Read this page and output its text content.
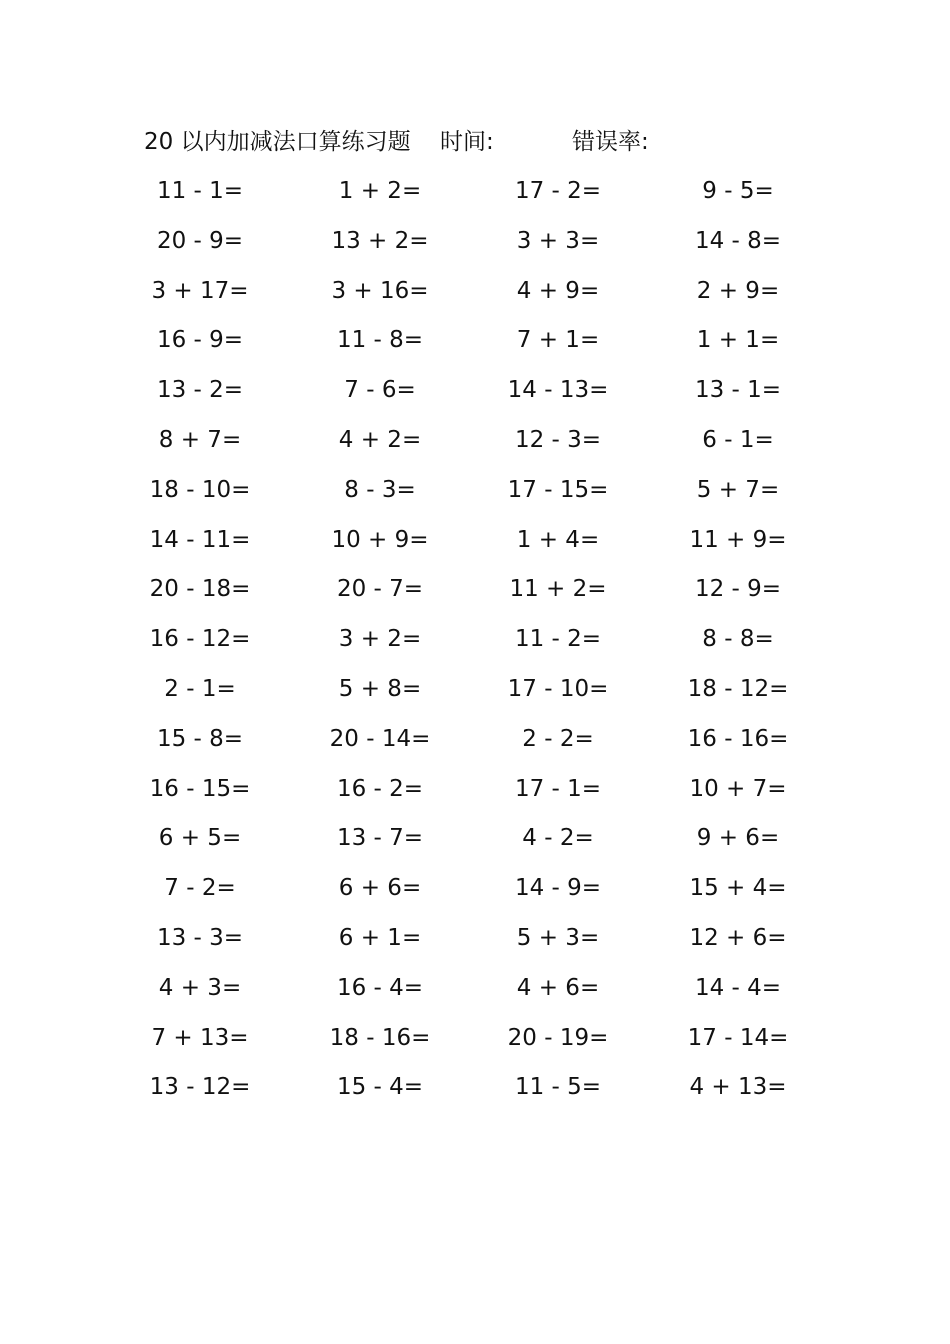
20 以内加减法口算练习题 时间:	错误率:
11 - 1=	1 + 2=	17 - 2=	9 - 5=
20 - 9=	13 + 2=	3 + 3=	14 - 8=
3 + 17=	3 + 16=	4 + 9=	2 + 9=
16 - 9=	11 - 8=	7 + 1=	1 + 1=
13 - 2=	7 - 6=	14 - 13=	13 - 1=
8 + 7=	4 + 2=	12 - 3=	6 - 1=
18 - 10=	8 - 3=	17 - 15=	5 + 7=
14 - 11=	10 + 9=	1 + 4=	11 + 9=
20 - 18=	20 - 7=	11 + 2=	12 - 9=
16 - 12=	3 + 2=	11 - 2=	8 - 8=
2 - 1=	5 + 8=	17 - 10=	18 - 12=
15 - 8=	20 - 14=	2 - 2=	16 - 16=
16 - 15=	16 - 2=	17 - 1=	10 + 7=
6 + 5=	13 - 7=	4 - 2=	9 + 6=
7 - 2=	6 + 6=	14 - 9=	15 + 4=
13 - 3=	6 + 1=	5 + 3=	12 + 6=
4 + 3=	16 - 4=	4 + 6=	14 - 4=
7 + 13=	18 - 16=	20 - 19=	17 - 14=
13 - 12=	15 - 4=	11 - 5=	4 + 13=
